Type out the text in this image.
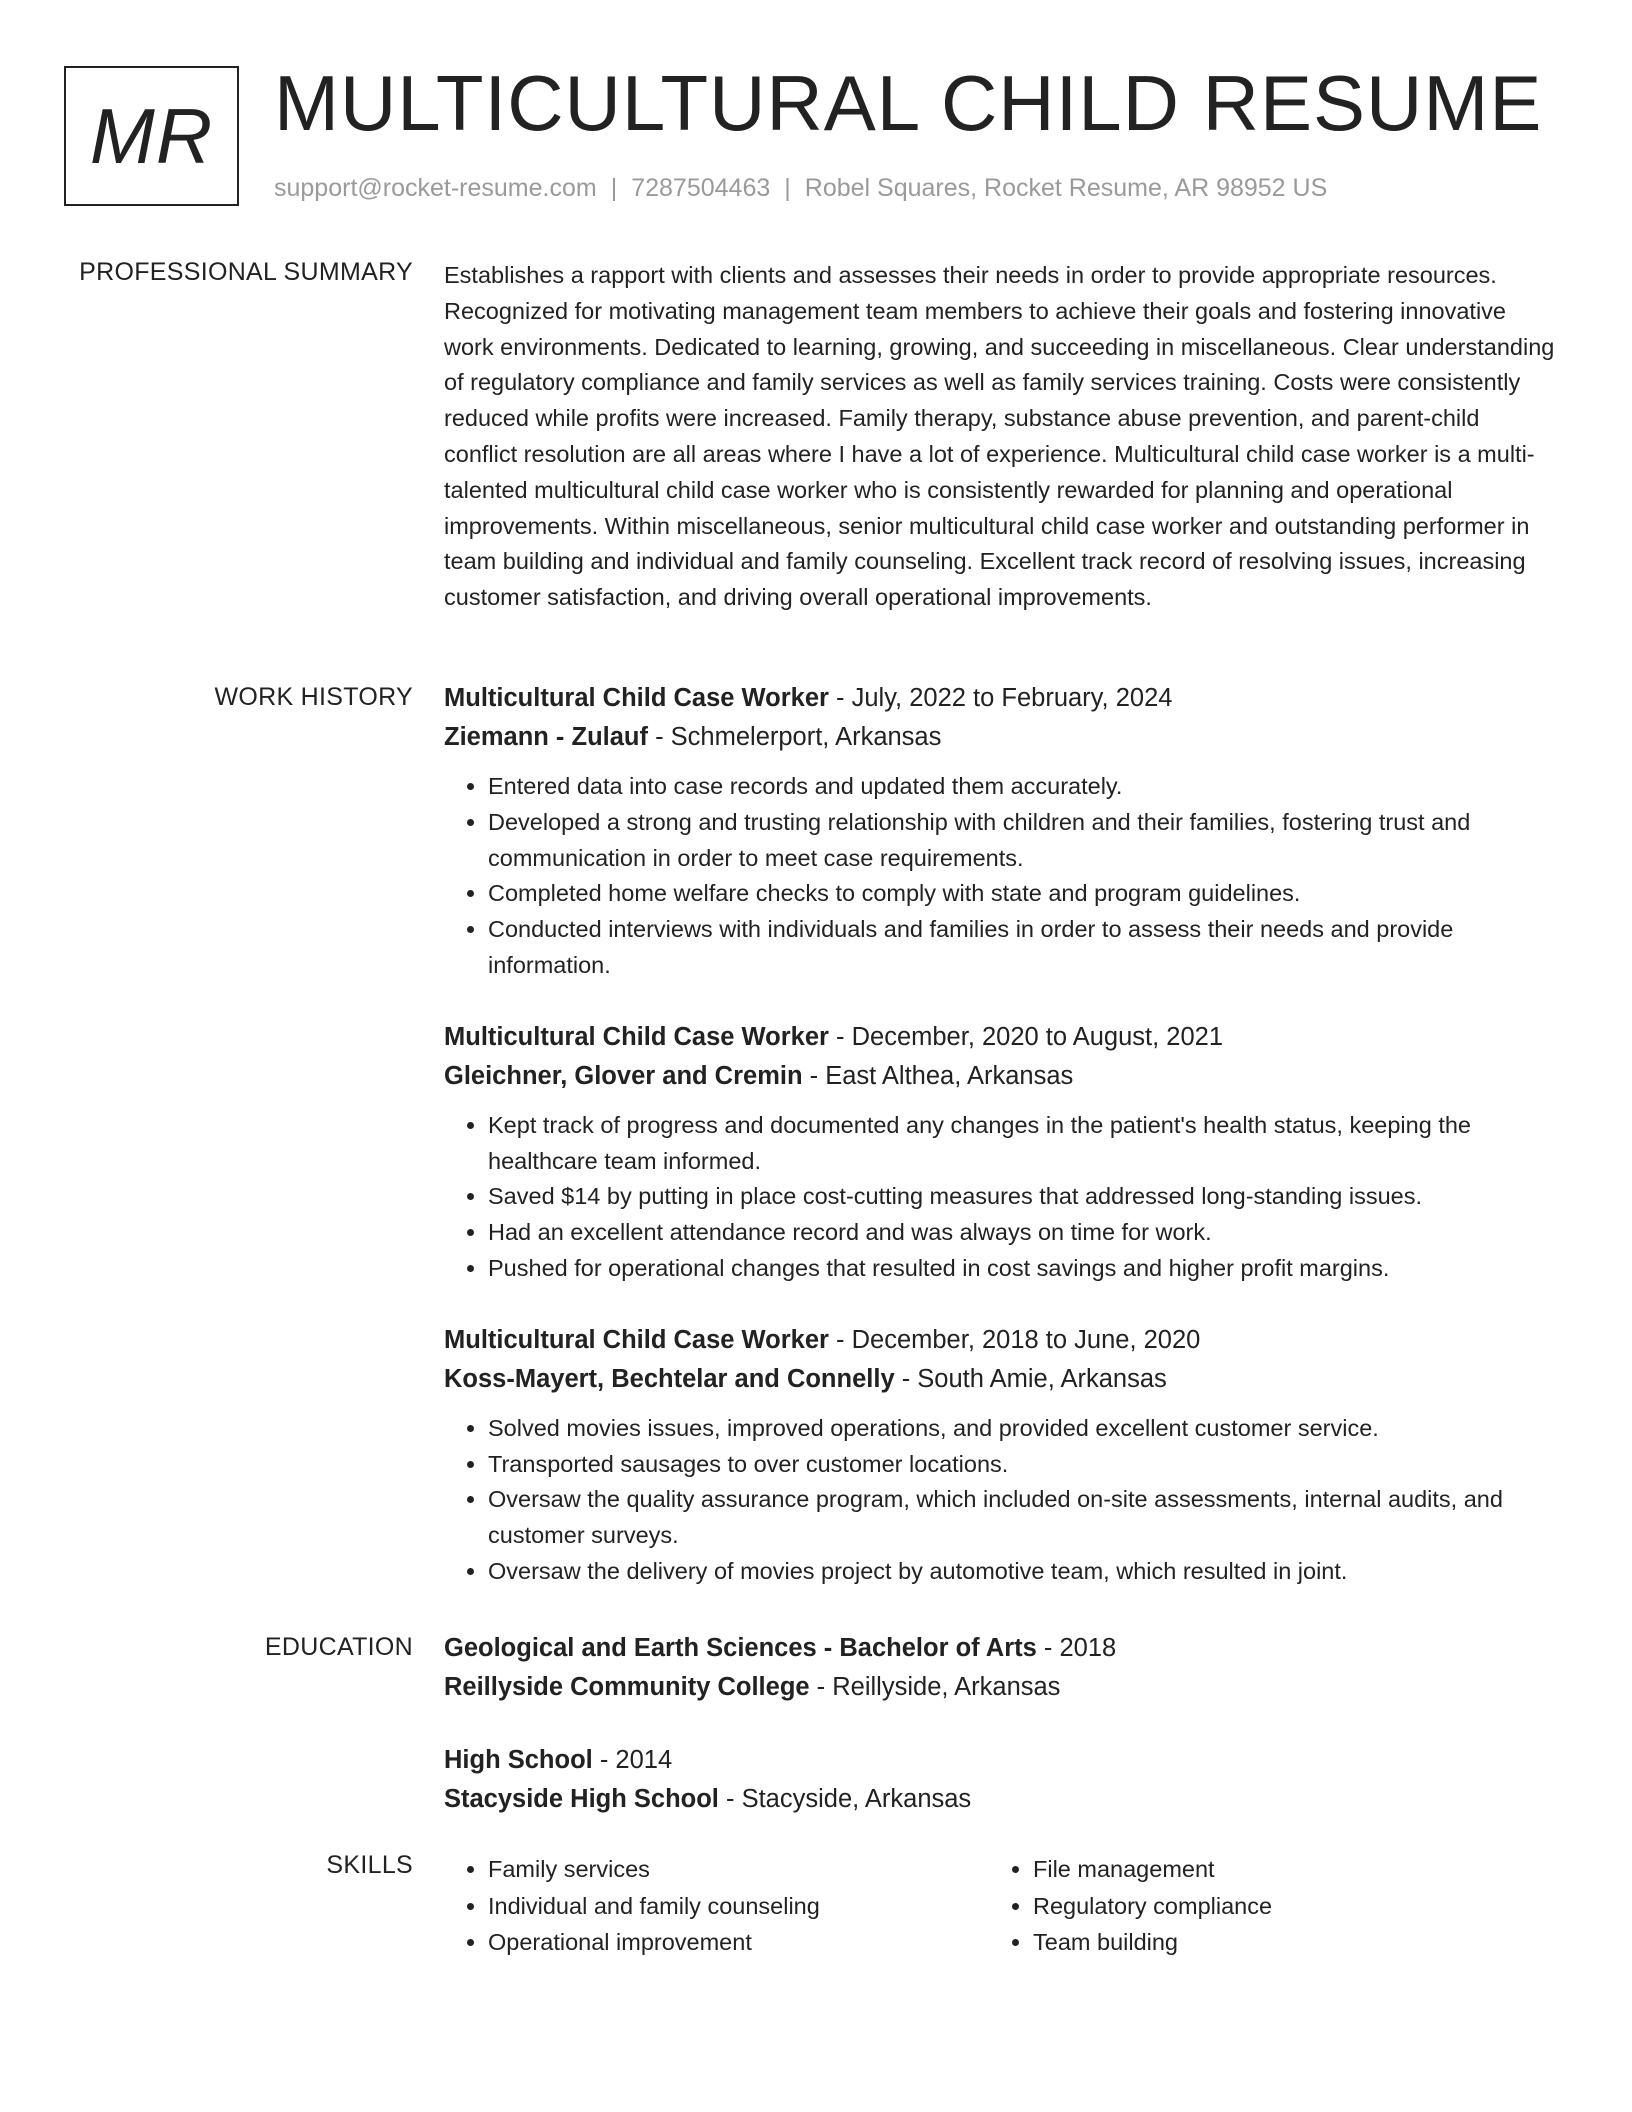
MR MULTICULTURAL CHILD RESUME
support@rocket-resume.com | 7287504463 | Robel Squares, Rocket Resume, AR 98952 US
PROFESSIONAL SUMMARY Establishes a rapport with clients and assesses their needs in order to provide appropriate resources. Recognized for motivating management team members to achieve their goals and fostering innovative work environments. Dedicated to learning, growing, and succeeding in miscellaneous. Clear understanding of regulatory compliance and family services as well as family services training. Costs were consistently reduced while profits were increased. Family therapy, substance abuse prevention, and parent-child conflict resolution are all areas where I have a lot of experience. Multicultural child case worker is a multi-talented multicultural child case worker who is consistently rewarded for planning and operational improvements. Within miscellaneous, senior multicultural child case worker and outstanding performer in team building and individual and family counseling. Excellent track record of resolving issues, increasing customer satisfaction, and driving overall operational improvements.

WORK HISTORY Multicultural Child Case Worker - July, 2022 to February, 2024
Ziemann - Zulauf - Schmelerport, Arkansas
• Entered data into case records and updated them accurately.
• Developed a strong and trusting relationship with children and their families, fostering trust and communication in order to meet case requirements.
• Completed home welfare checks to comply with state and program guidelines.
• Conducted interviews with individuals and families in order to assess their needs and provide information.
Multicultural Child Case Worker - December, 2020 to August, 2021
Gleichner, Glover and Cremin - East Althea, Arkansas
• Kept track of progress and documented any changes in the patient's health status, keeping the healthcare team informed.
• Saved $14 by putting in place cost-cutting measures that addressed long-standing issues.
• Had an excellent attendance record and was always on time for work.
• Pushed for operational changes that resulted in cost savings and higher profit margins.
Multicultural Child Case Worker - December, 2018 to June, 2020
Koss-Mayert, Bechtelar and Connelly - South Amie, Arkansas
• Solved movies issues, improved operations, and provided excellent customer service.
• Transported sausages to over customer locations.
• Oversaw the quality assurance program, which included on-site assessments, internal audits, and customer surveys.
• Oversaw the delivery of movies project by automotive team, which resulted in joint.
EDUCATION Geological and Earth Sciences - Bachelor of Arts - 2018
Reillyside Community College - Reillyside, Arkansas
High School - 2014
Stacyside High School - Stacyside, Arkansas
SKILLS
•	Family services
• Individual and family counseling
• Operational improvement
• File management
• Regulatory compliance
• Team building
